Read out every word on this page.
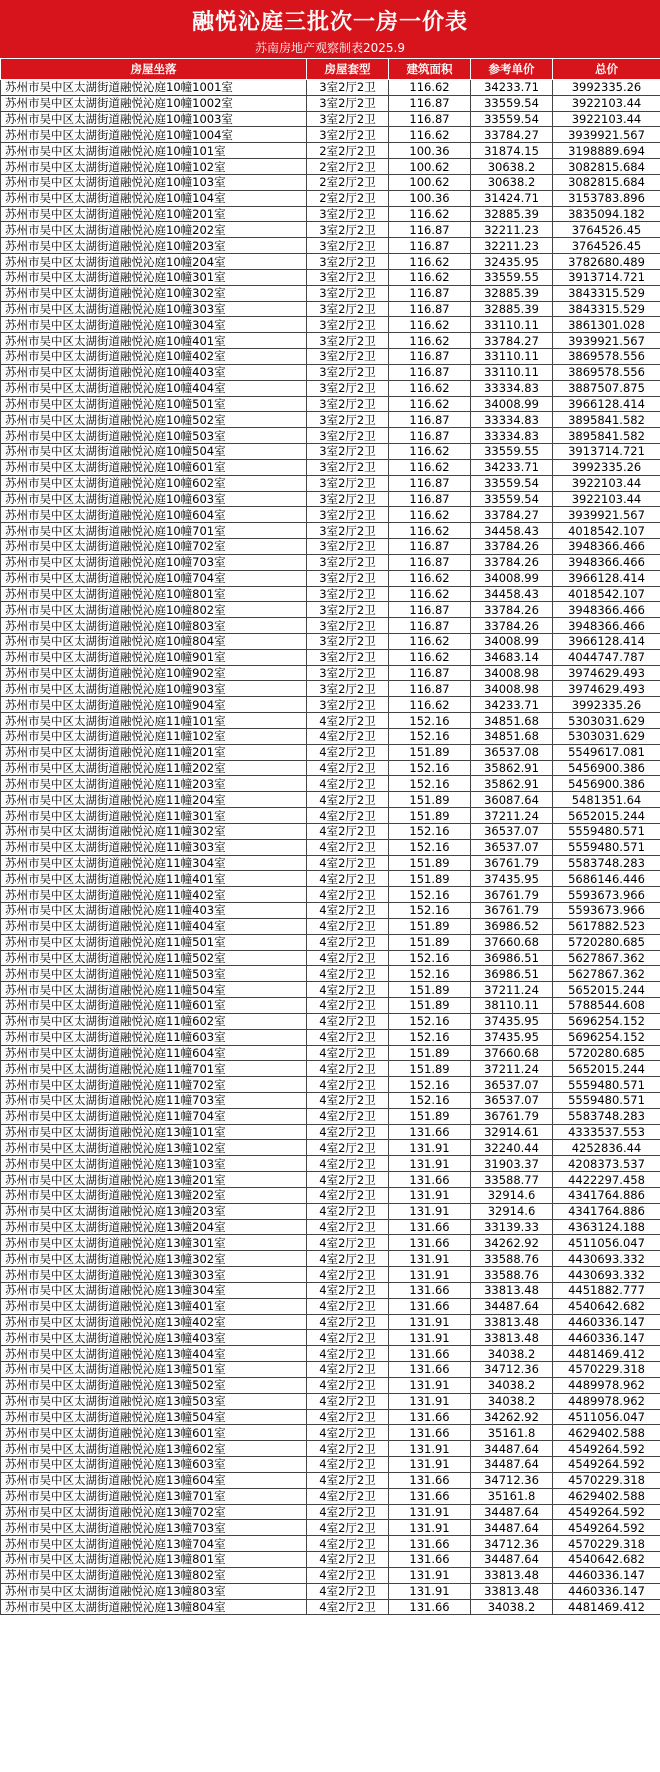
融悦沁庭三批次一房一价表
苏南房地产观察制表2025.9
房屋坐落	房屋套型	建筑面积	参考单价	总价
苏州市吴中区太湖街道融悦沁庭10幢1001室	3室2厅2卫	116.62	34233.71	3992335.26
苏州市吴中区太湖街道融悦沁庭10幢1002室	3室2厅2卫	116.87	33559.54	3922103.44
苏州市吴中区太湖街道融悦沁庭10幢1003室	3室2厅2卫	116.87	33559.54	3922103.44
苏州市吴中区太湖街道融悦沁庭10幢1004室	3室2厅2卫	116.62	33784.27	3939921.567
苏州市吴中区太湖街道融悦沁庭10幢101室	2室2厅2卫	100.36	31874.15	3198889.694
苏州市吴中区太湖街道融悦沁庭10幢102室	2室2厅2卫	100.62	30638.2	3082815.684
苏州市吴中区太湖街道融悦沁庭10幢103室	2室2厅2卫	100.62	30638.2	3082815.684
苏州市吴中区太湖街道融悦沁庭10幢104室	2室2厅2卫	100.36	31424.71	3153783.896
苏州市吴中区太湖街道融悦沁庭10幢201室	3室2厅2卫	116.62	32885.39	3835094.182
苏州市吴中区太湖街道融悦沁庭10幢202室	3室2厅2卫	116.87	32211.23	3764526.45
苏州市吴中区太湖街道融悦沁庭10幢203室	3室2厅2卫	116.87	32211.23	3764526.45
苏州市吴中区太湖街道融悦沁庭10幢204室	3室2厅2卫	116.62	32435.95	3782680.489
苏州市吴中区太湖街道融悦沁庭10幢301室	3室2厅2卫	116.62	33559.55	3913714.721
苏州市吴中区太湖街道融悦沁庭10幢302室	3室2厅2卫	116.87	32885.39	3843315.529
苏州市吴中区太湖街道融悦沁庭10幢303室	3室2厅2卫	116.87	32885.39	3843315.529
苏州市吴中区太湖街道融悦沁庭10幢304室	3室2厅2卫	116.62	33110.11	3861301.028
苏州市吴中区太湖街道融悦沁庭10幢401室	3室2厅2卫	116.62	33784.27	3939921.567
苏州市吴中区太湖街道融悦沁庭10幢402室	3室2厅2卫	116.87	33110.11	3869578.556
苏州市吴中区太湖街道融悦沁庭10幢403室	3室2厅2卫	116.87	33110.11	3869578.556
苏州市吴中区太湖街道融悦沁庭10幢404室	3室2厅2卫	116.62	33334.83	3887507.875
苏州市吴中区太湖街道融悦沁庭10幢501室	3室2厅2卫	116.62	34008.99	3966128.414
苏州市吴中区太湖街道融悦沁庭10幢502室	3室2厅2卫	116.87	33334.83	3895841.582
苏州市吴中区太湖街道融悦沁庭10幢503室	3室2厅2卫	116.87	33334.83	3895841.582
苏州市吴中区太湖街道融悦沁庭10幢504室	3室2厅2卫	116.62	33559.55	3913714.721
苏州市吴中区太湖街道融悦沁庭10幢601室	3室2厅2卫	116.62	34233.71	3992335.26
苏州市吴中区太湖街道融悦沁庭10幢602室	3室2厅2卫	116.87	33559.54	3922103.44
苏州市吴中区太湖街道融悦沁庭10幢603室	3室2厅2卫	116.87	33559.54	3922103.44
苏州市吴中区太湖街道融悦沁庭10幢604室	3室2厅2卫	116.62	33784.27	3939921.567
苏州市吴中区太湖街道融悦沁庭10幢701室	3室2厅2卫	116.62	34458.43	4018542.107
苏州市吴中区太湖街道融悦沁庭10幢702室	3室2厅2卫	116.87	33784.26	3948366.466
苏州市吴中区太湖街道融悦沁庭10幢703室	3室2厅2卫	116.87	33784.26	3948366.466
苏州市吴中区太湖街道融悦沁庭10幢704室	3室2厅2卫	116.62	34008.99	3966128.414
苏州市吴中区太湖街道融悦沁庭10幢801室	3室2厅2卫	116.62	34458.43	4018542.107
苏州市吴中区太湖街道融悦沁庭10幢802室	3室2厅2卫	116.87	33784.26	3948366.466
苏州市吴中区太湖街道融悦沁庭10幢803室	3室2厅2卫	116.87	33784.26	3948366.466
苏州市吴中区太湖街道融悦沁庭10幢804室	3室2厅2卫	116.62	34008.99	3966128.414
苏州市吴中区太湖街道融悦沁庭10幢901室	3室2厅2卫	116.62	34683.14	4044747.787
苏州市吴中区太湖街道融悦沁庭10幢902室	3室2厅2卫	116.87	34008.98	3974629.493
苏州市吴中区太湖街道融悦沁庭10幢903室	3室2厅2卫	116.87	34008.98	3974629.493
苏州市吴中区太湖街道融悦沁庭10幢904室	3室2厅2卫	116.62	34233.71	3992335.26
苏州市吴中区太湖街道融悦沁庭11幢101室	4室2厅2卫	152.16	34851.68	5303031.629
苏州市吴中区太湖街道融悦沁庭11幢102室	4室2厅2卫	152.16	34851.68	5303031.629
苏州市吴中区太湖街道融悦沁庭11幢201室	4室2厅2卫	151.89	36537.08	5549617.081
苏州市吴中区太湖街道融悦沁庭11幢202室	4室2厅2卫	152.16	35862.91	5456900.386
苏州市吴中区太湖街道融悦沁庭11幢203室	4室2厅2卫	152.16	35862.91	5456900.386
苏州市吴中区太湖街道融悦沁庭11幢204室	4室2厅2卫	151.89	36087.64	5481351.64
苏州市吴中区太湖街道融悦沁庭11幢301室	4室2厅2卫	151.89	37211.24	5652015.244
苏州市吴中区太湖街道融悦沁庭11幢302室	4室2厅2卫	152.16	36537.07	5559480.571
苏州市吴中区太湖街道融悦沁庭11幢303室	4室2厅2卫	152.16	36537.07	5559480.571
苏州市吴中区太湖街道融悦沁庭11幢304室	4室2厅2卫	151.89	36761.79	5583748.283
苏州市吴中区太湖街道融悦沁庭11幢401室	4室2厅2卫	151.89	37435.95	5686146.446
苏州市吴中区太湖街道融悦沁庭11幢402室	4室2厅2卫	152.16	36761.79	5593673.966
苏州市吴中区太湖街道融悦沁庭11幢403室	4室2厅2卫	152.16	36761.79	5593673.966
苏州市吴中区太湖街道融悦沁庭11幢404室	4室2厅2卫	151.89	36986.52	5617882.523
苏州市吴中区太湖街道融悦沁庭11幢501室	4室2厅2卫	151.89	37660.68	5720280.685
苏州市吴中区太湖街道融悦沁庭11幢502室	4室2厅2卫	152.16	36986.51	5627867.362
苏州市吴中区太湖街道融悦沁庭11幢503室	4室2厅2卫	152.16	36986.51	5627867.362
苏州市吴中区太湖街道融悦沁庭11幢504室	4室2厅2卫	151.89	37211.24	5652015.244
苏州市吴中区太湖街道融悦沁庭11幢601室	4室2厅2卫	151.89	38110.11	5788544.608
苏州市吴中区太湖街道融悦沁庭11幢602室	4室2厅2卫	152.16	37435.95	5696254.152
苏州市吴中区太湖街道融悦沁庭11幢603室	4室2厅2卫	152.16	37435.95	5696254.152
苏州市吴中区太湖街道融悦沁庭11幢604室	4室2厅2卫	151.89	37660.68	5720280.685
苏州市吴中区太湖街道融悦沁庭11幢701室	4室2厅2卫	151.89	37211.24	5652015.244
苏州市吴中区太湖街道融悦沁庭11幢702室	4室2厅2卫	152.16	36537.07	5559480.571
苏州市吴中区太湖街道融悦沁庭11幢703室	4室2厅2卫	152.16	36537.07	5559480.571
苏州市吴中区太湖街道融悦沁庭11幢704室	4室2厅2卫	151.89	36761.79	5583748.283
苏州市吴中区太湖街道融悦沁庭13幢101室	4室2厅2卫	131.66	32914.61	4333537.553
苏州市吴中区太湖街道融悦沁庭13幢102室	4室2厅2卫	131.91	32240.44	4252836.44
苏州市吴中区太湖街道融悦沁庭13幢103室	4室2厅2卫	131.91	31903.37	4208373.537
苏州市吴中区太湖街道融悦沁庭13幢201室	4室2厅2卫	131.66	33588.77	4422297.458
苏州市吴中区太湖街道融悦沁庭13幢202室	4室2厅2卫	131.91	32914.6	4341764.886
苏州市吴中区太湖街道融悦沁庭13幢203室	4室2厅2卫	131.91	32914.6	4341764.886
苏州市吴中区太湖街道融悦沁庭13幢204室	4室2厅2卫	131.66	33139.33	4363124.188
苏州市吴中区太湖街道融悦沁庭13幢301室	4室2厅2卫	131.66	34262.92	4511056.047
苏州市吴中区太湖街道融悦沁庭13幢302室	4室2厅2卫	131.91	33588.76	4430693.332
苏州市吴中区太湖街道融悦沁庭13幢303室	4室2厅2卫	131.91	33588.76	4430693.332
苏州市吴中区太湖街道融悦沁庭13幢304室	4室2厅2卫	131.66	33813.48	4451882.777
苏州市吴中区太湖街道融悦沁庭13幢401室	4室2厅2卫	131.66	34487.64	4540642.682
苏州市吴中区太湖街道融悦沁庭13幢402室	4室2厅2卫	131.91	33813.48	4460336.147
苏州市吴中区太湖街道融悦沁庭13幢403室	4室2厅2卫	131.91	33813.48	4460336.147
苏州市吴中区太湖街道融悦沁庭13幢404室	4室2厅2卫	131.66	34038.2	4481469.412
苏州市吴中区太湖街道融悦沁庭13幢501室	4室2厅2卫	131.66	34712.36	4570229.318
苏州市吴中区太湖街道融悦沁庭13幢502室	4室2厅2卫	131.91	34038.2	4489978.962
苏州市吴中区太湖街道融悦沁庭13幢503室	4室2厅2卫	131.91	34038.2	4489978.962
苏州市吴中区太湖街道融悦沁庭13幢504室	4室2厅2卫	131.66	34262.92	4511056.047
苏州市吴中区太湖街道融悦沁庭13幢601室	4室2厅2卫	131.66	35161.8	4629402.588
苏州市吴中区太湖街道融悦沁庭13幢602室	4室2厅2卫	131.91	34487.64	4549264.592
苏州市吴中区太湖街道融悦沁庭13幢603室	4室2厅2卫	131.91	34487.64	4549264.592
苏州市吴中区太湖街道融悦沁庭13幢604室	4室2厅2卫	131.66	34712.36	4570229.318
苏州市吴中区太湖街道融悦沁庭13幢701室	4室2厅2卫	131.66	35161.8	4629402.588
苏州市吴中区太湖街道融悦沁庭13幢702室	4室2厅2卫	131.91	34487.64	4549264.592
苏州市吴中区太湖街道融悦沁庭13幢703室	4室2厅2卫	131.91	34487.64	4549264.592
苏州市吴中区太湖街道融悦沁庭13幢704室	4室2厅2卫	131.66	34712.36	4570229.318
苏州市吴中区太湖街道融悦沁庭13幢801室	4室2厅2卫	131.66	34487.64	4540642.682
苏州市吴中区太湖街道融悦沁庭13幢802室	4室2厅2卫	131.91	33813.48	4460336.147
苏州市吴中区太湖街道融悦沁庭13幢803室	4室2厅2卫	131.91	33813.48	4460336.147
苏州市吴中区太湖街道融悦沁庭13幢804室	4室2厅2卫	131.66	34038.2	4481469.412
